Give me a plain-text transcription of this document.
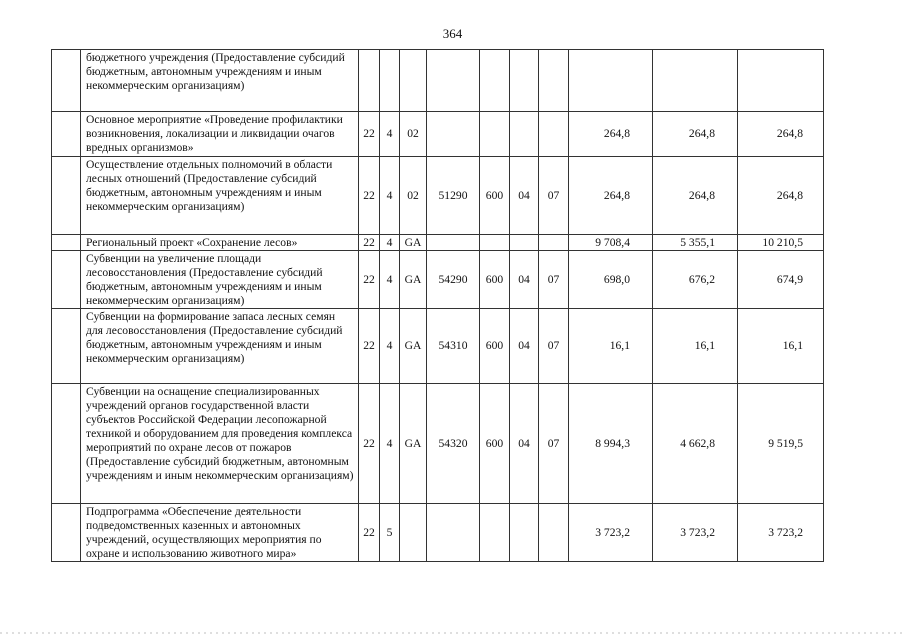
364
	бюджетного учреждения (Предоставление субсидий бюджетным, автономным учреждениям и иным некоммерческим организациям)										
	Основное мероприятие «Проведение профилактики возникновения, локализации и ликвидации очагов вредных организмов»	22	4	02					264,8	264,8	264,8
	Осуществление отдельных полномочий в области лесных отношений (Предоставление субсидий бюджетным, автономным учреждениям и иным некоммерческим организациям)	22	4	02	51290	600	04	07	264,8	264,8	264,8
	Региональный проект «Сохранение лесов»	22	4	GA					9 708,4	5 355,1	10 210,5
	Субвенции на увеличение площади лесовосстановления (Предоставление субсидий бюджетным, автономным учреждениям и иным некоммерческим организациям)	22	4	GA	54290	600	04	07	698,0	676,2	674,9
	Субвенции на формирование запаса лесных семян для лесовосстановления (Предоставление субсидий бюджетным, автономным учреждениям и иным некоммерческим организациям)	22	4	GA	54310	600	04	07	16,1	16,1	16,1
	Субвенции на оснащение специализированных учреждений органов государственной власти субъектов Российской Федерации лесопожарной техникой и оборудованием для проведения комплекса мероприятий по охране лесов от пожаров (Предоставление субсидий бюджетным, автономным учреждениям и иным некоммерческим организациям)	22	4	GA	54320	600	04	07	8 994,3	4 662,8	9 519,5
	Подпрограмма «Обеспечение деятельности подведомственных казенных и автономных учреждений, осуществляющих мероприятия по охране и использованию животного мира»	22	5						3 723,2	3 723,2	3 723,2
